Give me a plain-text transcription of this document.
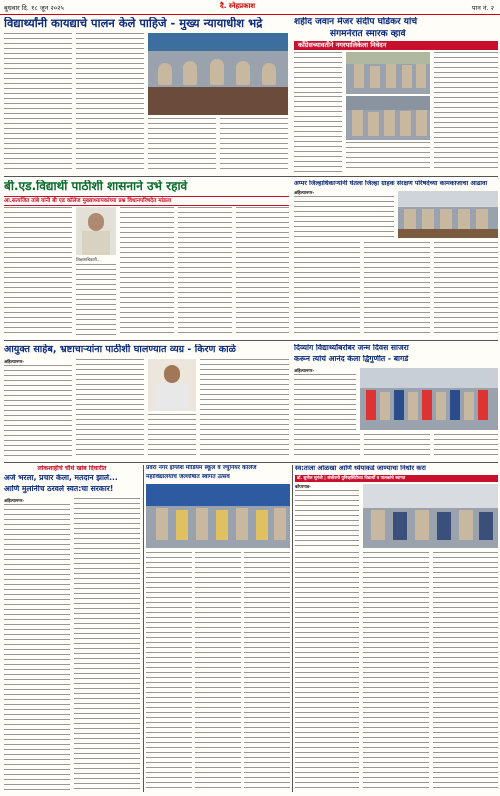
बुधवार दि. १८ जून २०२५	दै. स्नेहप्रकाश	पान नं. २
विद्यार्थ्यांनी कायद्याचे पालन केले पाहिजे - मुख्य न्यायाधीश भद्रे	शहीद जवान मेजर संदीप घोडेकर यांचे
संगमनेरात स्मारक व्हावे
काँग्रेसच्यावतीने नगरपालिकेला निवेदन
बी.एड.विद्यार्थी पाठीशी शासनाने उभे रहावे
आ.सत्यजित तांबे यांनी बी एड कॉलेज मुख्याध्यापकांच्या प्रश्न विधानपरिषदेत मांडला
शिक्षणाधिकारी...
अप्पर जिल्हाधिकाऱ्यांनी घेतला जिल्हा ग्राहक संरक्षण परिषदेच्या कामकाजाचा आढावा
अहिल्यानगर-
आयुक्त साहेब, भ्रष्टाचाऱ्यांना पाठीशी घालण्यात व्यग्र - किरण काळे
अहिल्यानगर-
दिव्यांग विद्यार्थ्यांबरोबर जन्म दिवस साजरा
करून त्यांचं आनंद केला द्विगुणीत - बागडे
अहिल्यानगर-
लोकशाहीचे चौथे खांब दिवारीत
अर्ज भरला, प्रचार केला, मतदान झाले...
आणि मुलांनीच ठरवले स्वत:चा सरकार!
अहिल्यानगर-
प्रवरा नगर इंग्लिश मीडियम स्कूल व ज्युनियर कॉलेज
महाविद्यालयाचे जल्लोषात स्वागत उत्सव
स्व:तःला ओळखा आणि ध्येयाकडे जाण्याचा निर्धार करा
डॉ. सुनील सुगंधी | संजीवनी युनिव्हर्सिटीच्या विद्यार्थी व पालकांचे स्वागत
कोपरगाव-
